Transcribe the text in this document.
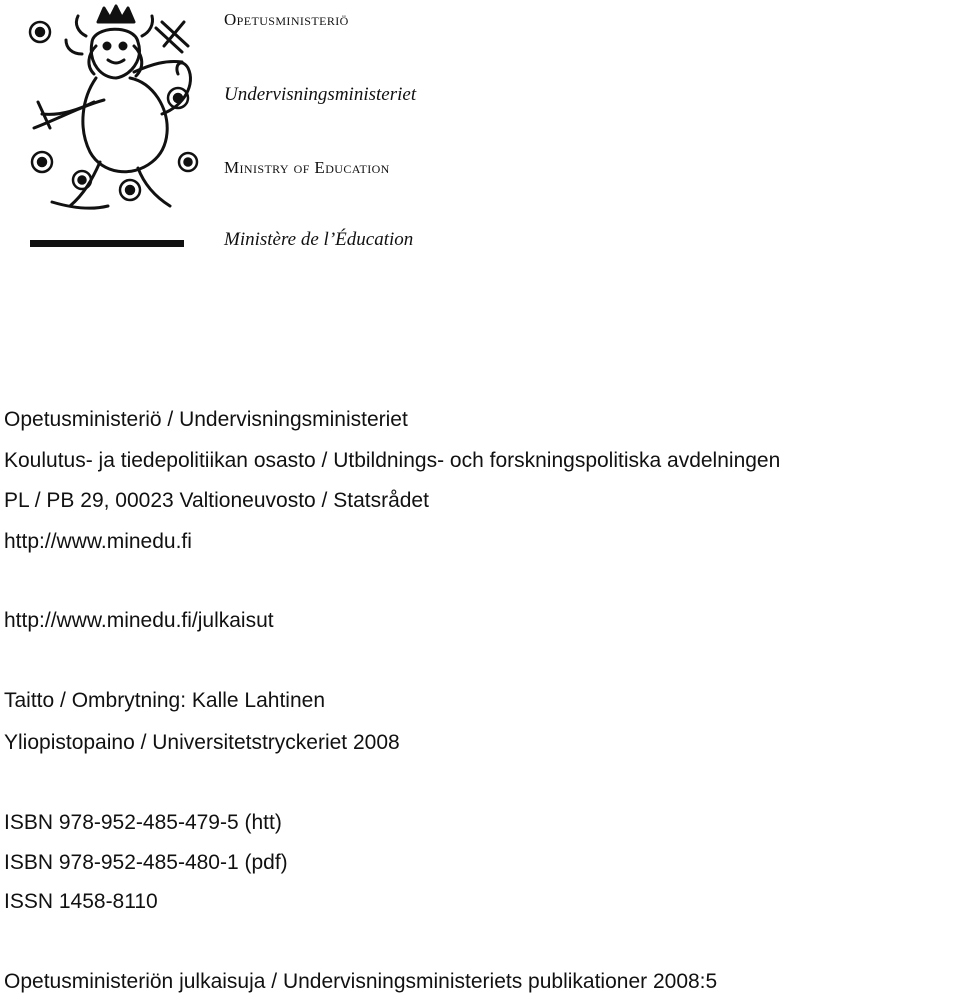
Opetusministeriö

Undervisningsministeriet

Ministry of Education

Ministère de l’Éducation

Opetusministeriö / Undervisningsministeriet

Koulutus- ja tiedepolitiikan osasto / Utbildnings- och forskningspolitiska avdelningen

PL / PB 29, 00023 Valtioneuvosto / Statsrådet

http://www.minedu.fi
http://www.minedu.fi/julkaisut

Taitto / Ombrytning: Kalle Lahtinen

Yliopistopaino / Universitetstryckeriet 2008

ISBN 978-952-485-479-5 (htt)

ISBN 978-952-485-480-1 (pdf)

ISSN 1458-8110

Opetusministeriön julkaisuja / Undervisningsministeriets publikationer 2008:5
